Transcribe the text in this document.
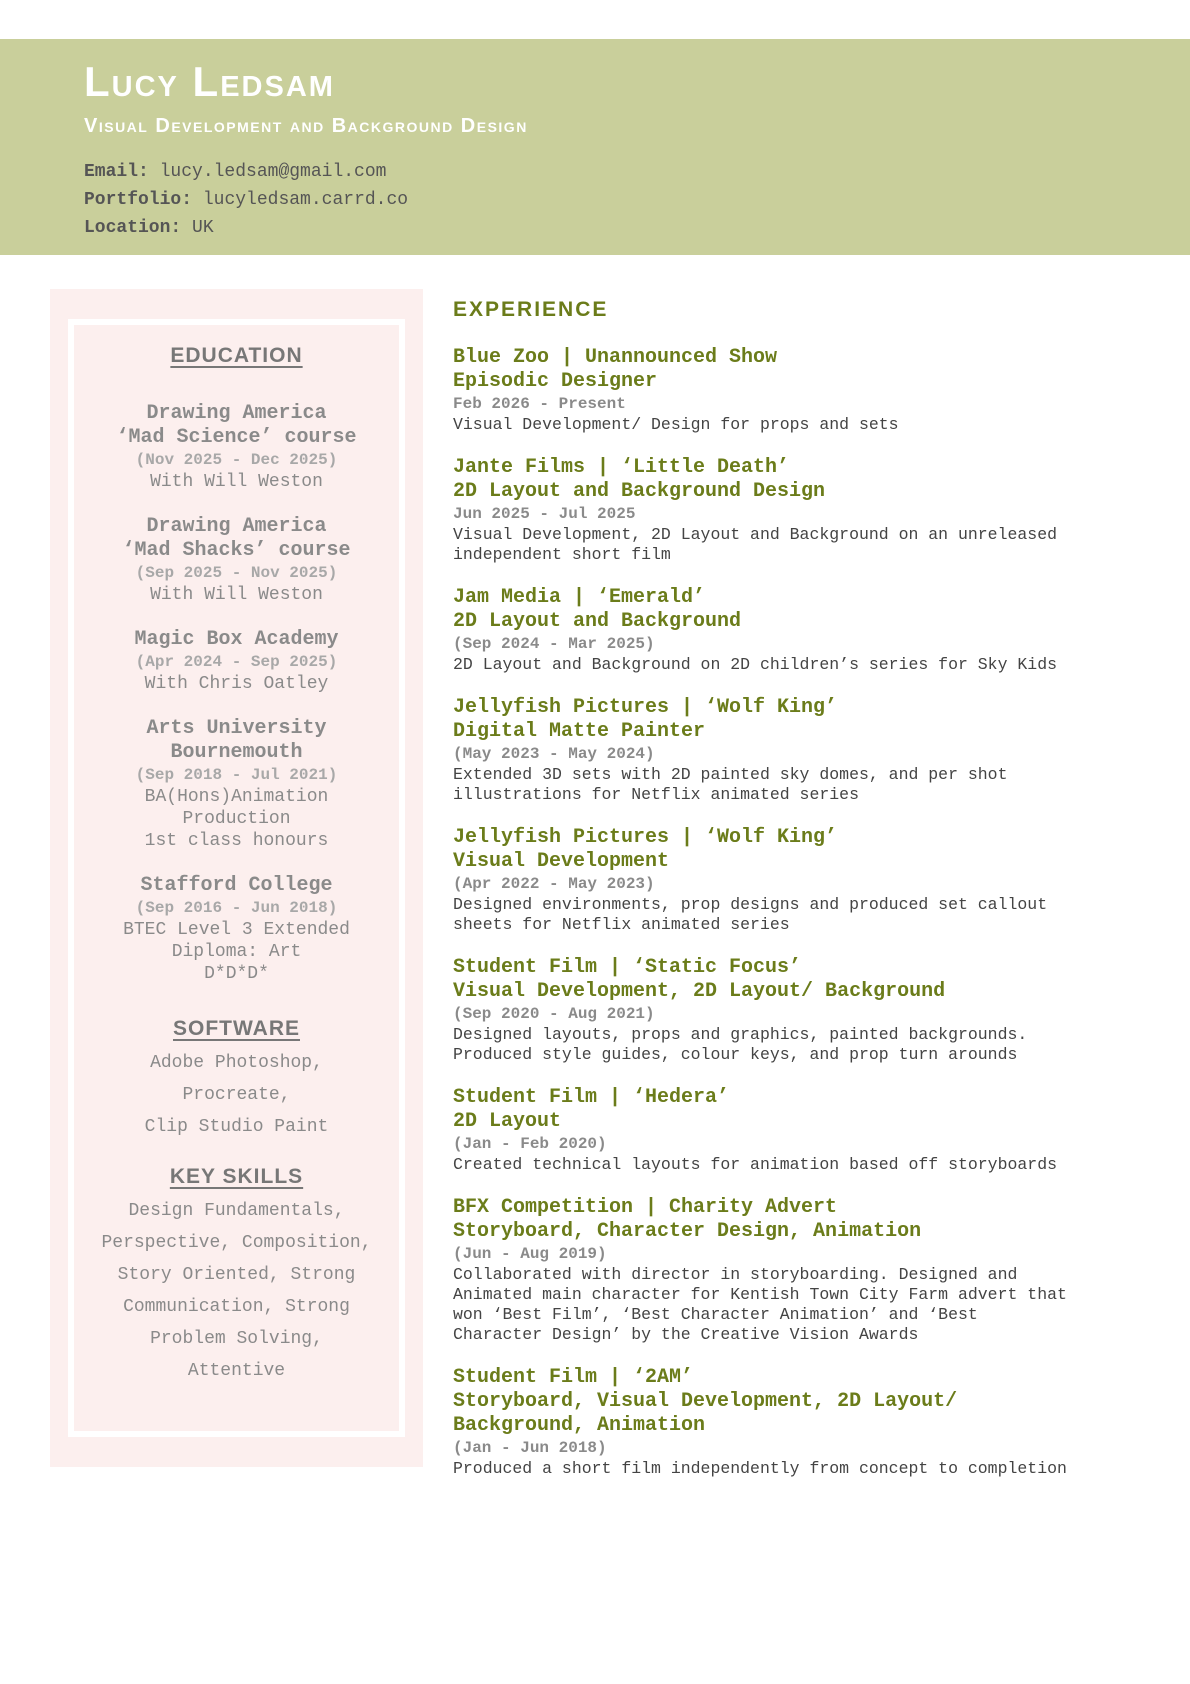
Lucy Ledsam
Visual Development and Background Design
Email: lucy.ledsam@gmail.com
Portfolio: lucyledsam.carrd.co
Location: UK
EDUCATION
Drawing America
‘Mad Science’ course
(Nov 2025 - Dec 2025)
With Will Weston
Drawing America
‘Mad Shacks’ course
(Sep 2025 - Nov 2025)
With Will Weston
Magic Box Academy
(Apr 2024 - Sep 2025)
With Chris Oatley
Arts University
Bournemouth
(Sep 2018 - Jul 2021)
BA(Hons)Animation
Production
1st class honours
Stafford College
(Sep 2016 - Jun 2018)
BTEC Level 3 Extended
Diploma: Art
D*D*D*
SOFTWARE
Adobe Photoshop,
Procreate,
Clip Studio Paint
KEY SKILLS
Design Fundamentals,
Perspective, Composition,
Story Oriented, Strong
Communication, Strong
Problem Solving,
Attentive
EXPERIENCE
Blue Zoo | Unannounced Show
Episodic Designer
Feb 2026 - Present
Visual Development/ Design for props and sets
Jante Films | ‘Little Death’
2D Layout and Background Design
Jun 2025 - Jul 2025
Visual Development, 2D Layout and Background on an unreleased
independent short film
Jam Media | ‘Emerald’
2D Layout and Background
(Sep 2024 - Mar 2025)
2D Layout and Background on 2D children’s series for Sky Kids
Jellyfish Pictures | ‘Wolf King’
Digital Matte Painter
(May 2023 - May 2024)
Extended 3D sets with 2D painted sky domes, and per shot
illustrations for Netflix animated series
Jellyfish Pictures | ‘Wolf King’
Visual Development
(Apr 2022 - May 2023)
Designed environments, prop designs and produced set callout
sheets for Netflix animated series
Student Film | ‘Static Focus’
Visual Development, 2D Layout/ Background
(Sep 2020 - Aug 2021)
Designed layouts, props and graphics, painted backgrounds.
Produced style guides, colour keys, and prop turn arounds
Student Film | ‘Hedera’
2D Layout
(Jan - Feb 2020)
Created technical layouts for animation based off storyboards
BFX Competition | Charity Advert
Storyboard, Character Design, Animation
(Jun - Aug 2019)
Collaborated with director in storyboarding. Designed and
Animated main character for Kentish Town City Farm advert that
won ‘Best Film’, ‘Best Character Animation’ and ‘Best
Character Design’ by the Creative Vision Awards
Student Film | ‘2AM’
Storyboard, Visual Development, 2D Layout/
Background, Animation
(Jan - Jun 2018)
Produced a short film independently from concept to completion
